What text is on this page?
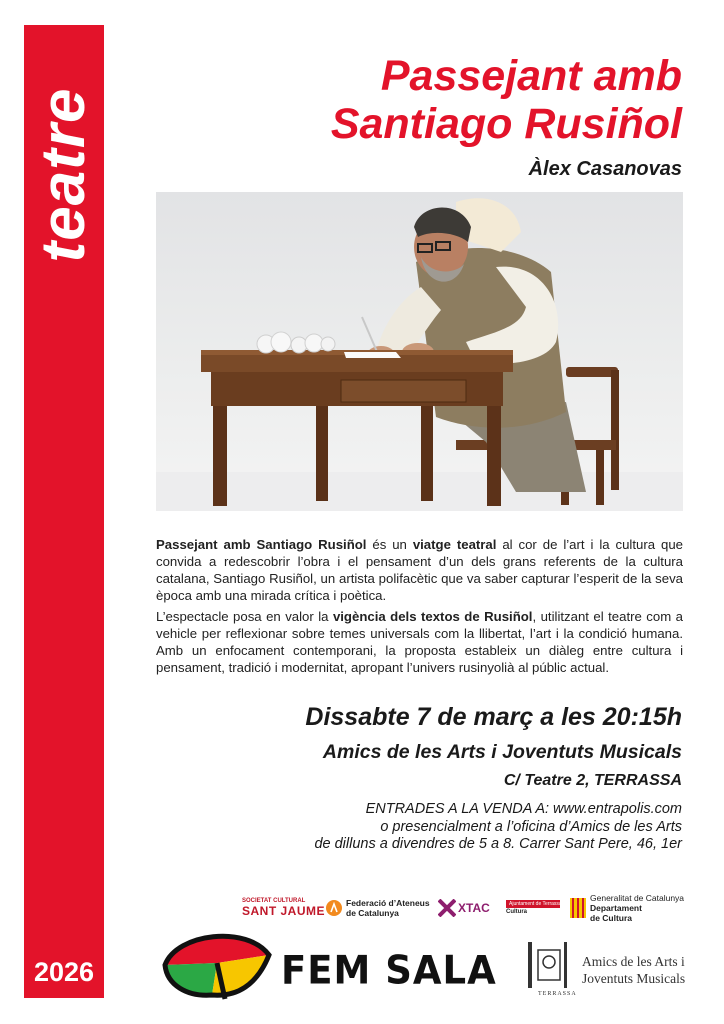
teatre
2026
Passejant amb
Santiago Rusiñol
Àlex Casanovas

Passejant amb Santiago Rusiñol és un viatge teatral al cor de l’art i la cultura que convida a redescobrir l’obra i el pensament d’un dels grans referents de la cultura catalana, Santiago Rusiñol, un artista polifacètic que va saber capturar l’esperit de la seva època amb una mirada crítica i poètica.

L’espectacle posa en valor la vigència dels textos de Rusiñol, utilitzant el teatre com a vehicle per reflexionar sobre temes universals com la llibertat, l’art i la condició humana. Amb un enfocament contemporani, la proposta estableix un diàleg entre cultura i pensament, tradició i modernitat, apropant l’univers rusinyolià al públic actual.

Dissabte 7 de març a les 20:15h
Amics de les Arts i Joventuts Musicals
C/ Teatre 2, TERRASSA
ENTRADES A LA VENDA A: www.entrapolis.com
o presencialment a l’oficina d’Amics de les Arts
de dilluns a divendres de 5 a 8. Carrer Sant Pere, 46, 1er
SOCIETAT CULTURAL
SANT JAUME
Federació d’Ateneus
de Catalunya	XTAC	Ajuntament de Terrassa
Cultura
Generalitat de Catalunya
Departament
de Cultura
FEM SALA
TERRASSA
Amics de les Arts i
Joventuts Musicals
